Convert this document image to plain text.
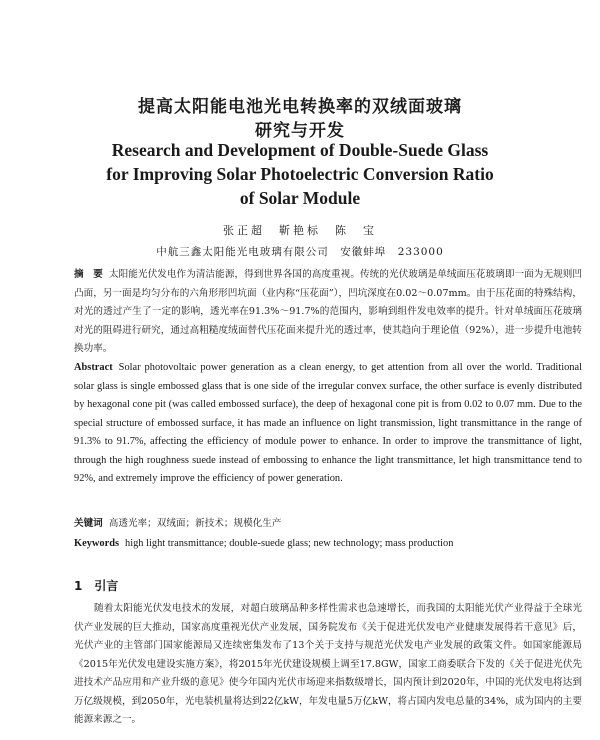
提高太阳能电池光电转换率的双绒面玻璃
研究与开发
Research and Development of Double-Suede Glass
for Improving Solar Photoelectric Conversion Ratio
of Solar Module
张正超　靳艳标　陈　宝
中航三鑫太阳能光电玻璃有限公司　安徽蚌埠　233000
摘　要 太阳能光伏发电作为清洁能源，得到世界各国的高度重视。传统的光伏玻璃是单绒面压花玻璃即一面为无规则凹凸面，另一面是均匀分布的六角形形凹坑面（业内称“压花面”），凹坑深度在0.02～0.07mm。由于压花面的特殊结构，对光的透过产生了一定的影响，透光率在91.3%～91.7%的范围内，影响到组件发电效率的提升。针对单绒面压花玻璃对光的阻碍进行研究，通过高粗糙度绒面替代压花面来提升光的透过率，使其趋向于理论值（92%），进一步提升电池转换功率。
Abstract Solar photovoltaic power generation as a clean energy, to get attention from all over the world. Traditional solar glass is single embossed glass that is one side of the irregular convex surface, the other surface is evenly distributed by hexagonal cone pit (was called embossed surface), the deep of hexagonal cone pit is from 0.02 to 0.07 mm. Due to the special structure of embossed surface, it has made an influence on light transmission, light transmittance in the range of 91.3% to 91.7%, affecting the efficiency of module power to enhance. In order to improve the transmittance of light, through the high roughness suede instead of embossing to enhance the light transmittance, let high transmittance tend to 92%, and extremely improve the efficiency of power generation.
关键词 高透光率；双绒面；新技术；规模化生产
Keywords high light transmittance; double-suede glass; new technology; mass production
1　引言
随着太阳能光伏发电技术的发展，对超白玻璃品种多样性需求也急速增长，而我国的太阳能光伏产业得益于全球光伏产业发展的巨大推动，国家高度重视光伏产业发展，国务院发布《关于促进光伏发电产业健康发展得若干意见》后，光伏产业的主管部门国家能源局又连续密集发布了13个关于支持与规范光伏发电产业发展的政策文件。如国家能源局《2015年光伏发电建设实施方案》，将2015年光伏建设规模上调至17.8GW，国家工商委联合下发的《关于促进光伏先进技术产品应用和产业升级的意见》使今年国内光伏市场迎来指数级增长，国内预计到2020年，中国的光伏发电将达到万亿级规模，到2050年，光电装机量将达到22亿kW，年发电量5万亿kW，将占国内发电总量的34%，成为国内的主要能源来源之一。
